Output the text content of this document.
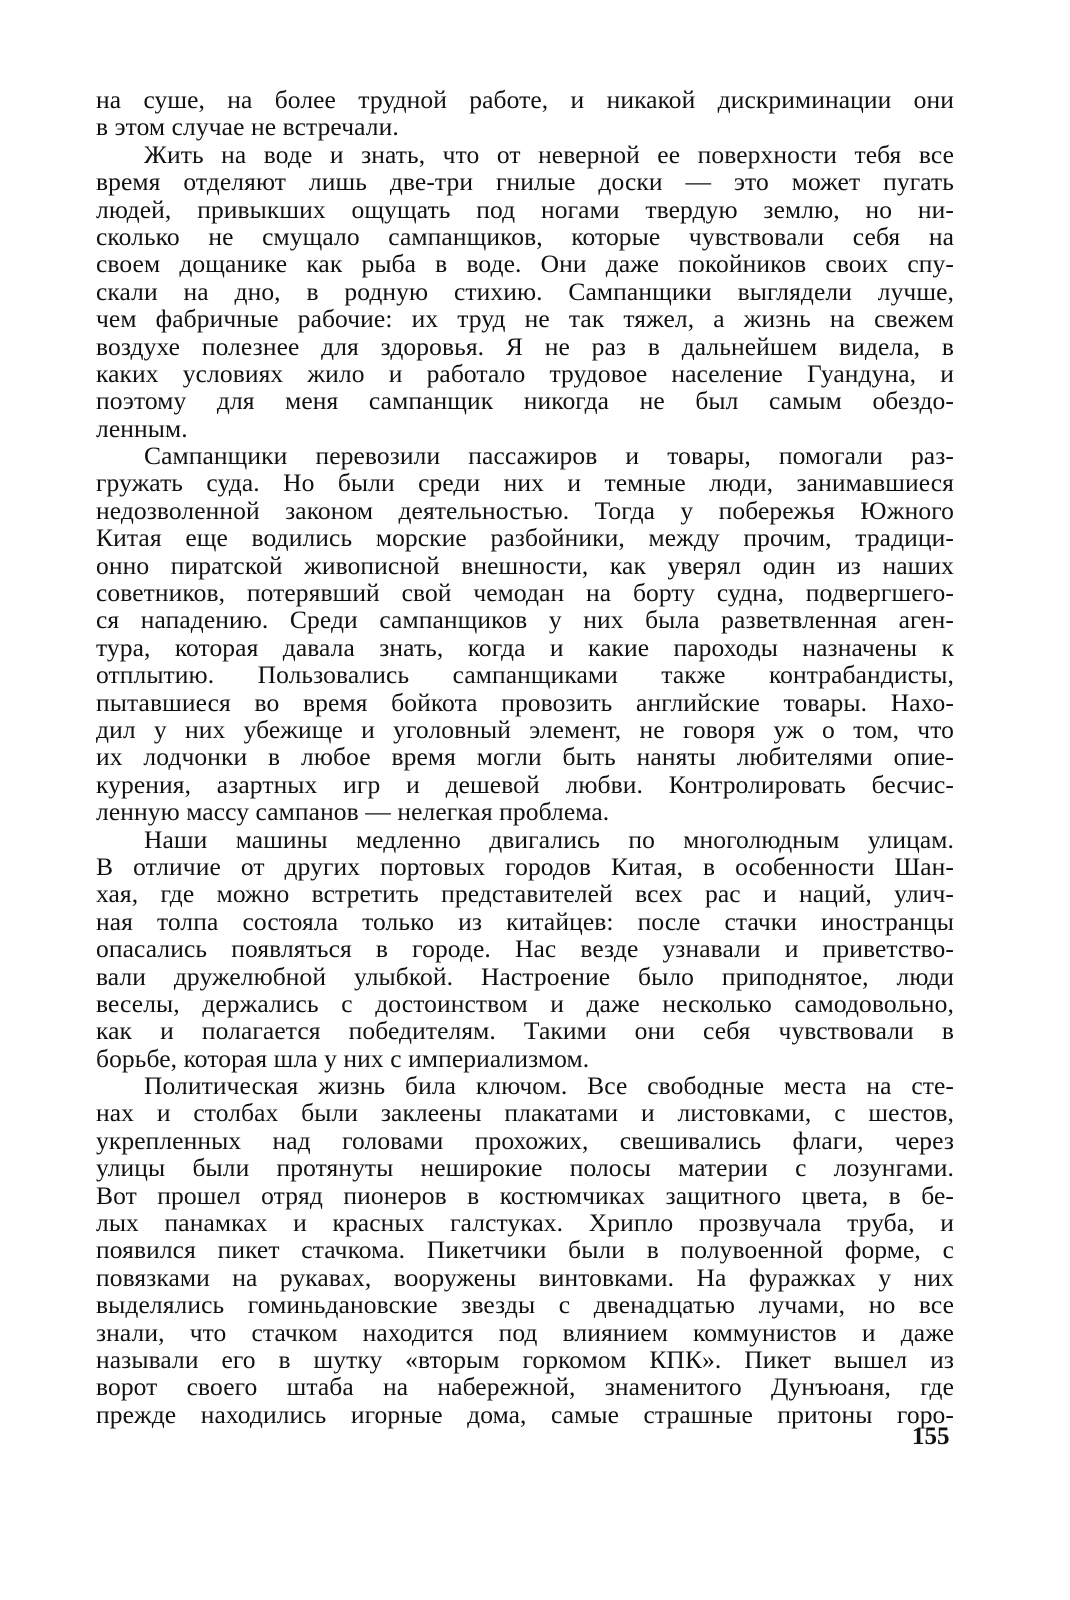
на суше, на более трудной работе, и никакой дискриминации они
в этом случае не встречали.
Жить на воде и знать, что от неверной ее поверхности тебя все
время отделяют лишь две-три гнилые доски — это может пугать
людей, привыкших ощущать под ногами твердую землю, но ни-
сколько не смущало сампанщиков, которые чувствовали себя на
своем дощанике как рыба в воде. Они даже покойников своих спу-
скали на дно, в родную стихию. Сампанщики выглядели лучше,
чем фабричные рабочие: их труд не так тяжел, а жизнь на свежем
воздухе полезнее для здоровья. Я не раз в дальнейшем видела, в
каких условиях жило и работало трудовое население Гуандуна, и
поэтому для меня сампанщик никогда не был самым обездо-
ленным.
Сампанщики перевозили пассажиров и товары, помогали раз-
гружать суда. Но были среди них и темные люди, занимавшиеся
недозволенной законом деятельностью. Тогда у побережья Южного
Китая еще водились морские разбойники, между прочим, традици-
онно пиратской живописной внешности, как уверял один из наших
советников, потерявший свой чемодан на борту судна, подвергшего-
ся нападению. Среди сампанщиков у них была разветвленная аген-
тура, которая давала знать, когда и какие пароходы назначены к
отплытию. Пользовались сампанщиками также контрабандисты,
пытавшиеся во время бойкота провозить английские товары. Нахо-
дил у них убежище и уголовный элемент, не говоря уж о том, что
их лодчонки в любое время могли быть наняты любителями опие-
курения, азартных игр и дешевой любви. Контролировать бесчис-
ленную массу сампанов — нелегкая проблема.
Наши машины медленно двигались по многолюдным улицам.
В отличие от других портовых городов Китая, в особенности Шан-
хая, где можно встретить представителей всех рас и наций, улич-
ная толпа состояла только из китайцев: после стачки иностранцы
опасались появляться в городе. Нас везде узнавали и приветство-
вали дружелюбной улыбкой. Настроение было приподнятое, люди
веселы, держались с достоинством и даже несколько самодовольно,
как и полагается победителям. Такими они себя чувствовали в
борьбе, которая шла у них с империализмом.
Политическая жизнь била ключом. Все свободные места на сте-
нах и столбах были заклеены плакатами и листовками, с шестов,
укрепленных над головами прохожих, свешивались флаги, через
улицы были протянуты неширокие полосы материи с лозунгами.
Вот прошел отряд пионеров в костюмчиках защитного цвета, в бе-
лых панамках и красных галстуках. Хрипло прозвучала труба, и
появился пикет стачкома. Пикетчики были в полувоенной форме, с
повязками на рукавах, вооружены винтовками. На фуражках у них
выделялись гоминьдановские звезды с двенадцатью лучами, но все
знали, что стачком находится под влиянием коммунистов и даже
называли его в шутку «вторым горкомом КПК». Пикет вышел из
ворот своего штаба на набережной, знаменитого Дунъюаня, где
прежде находились игорные дома, самые страшные притоны горо-
155
